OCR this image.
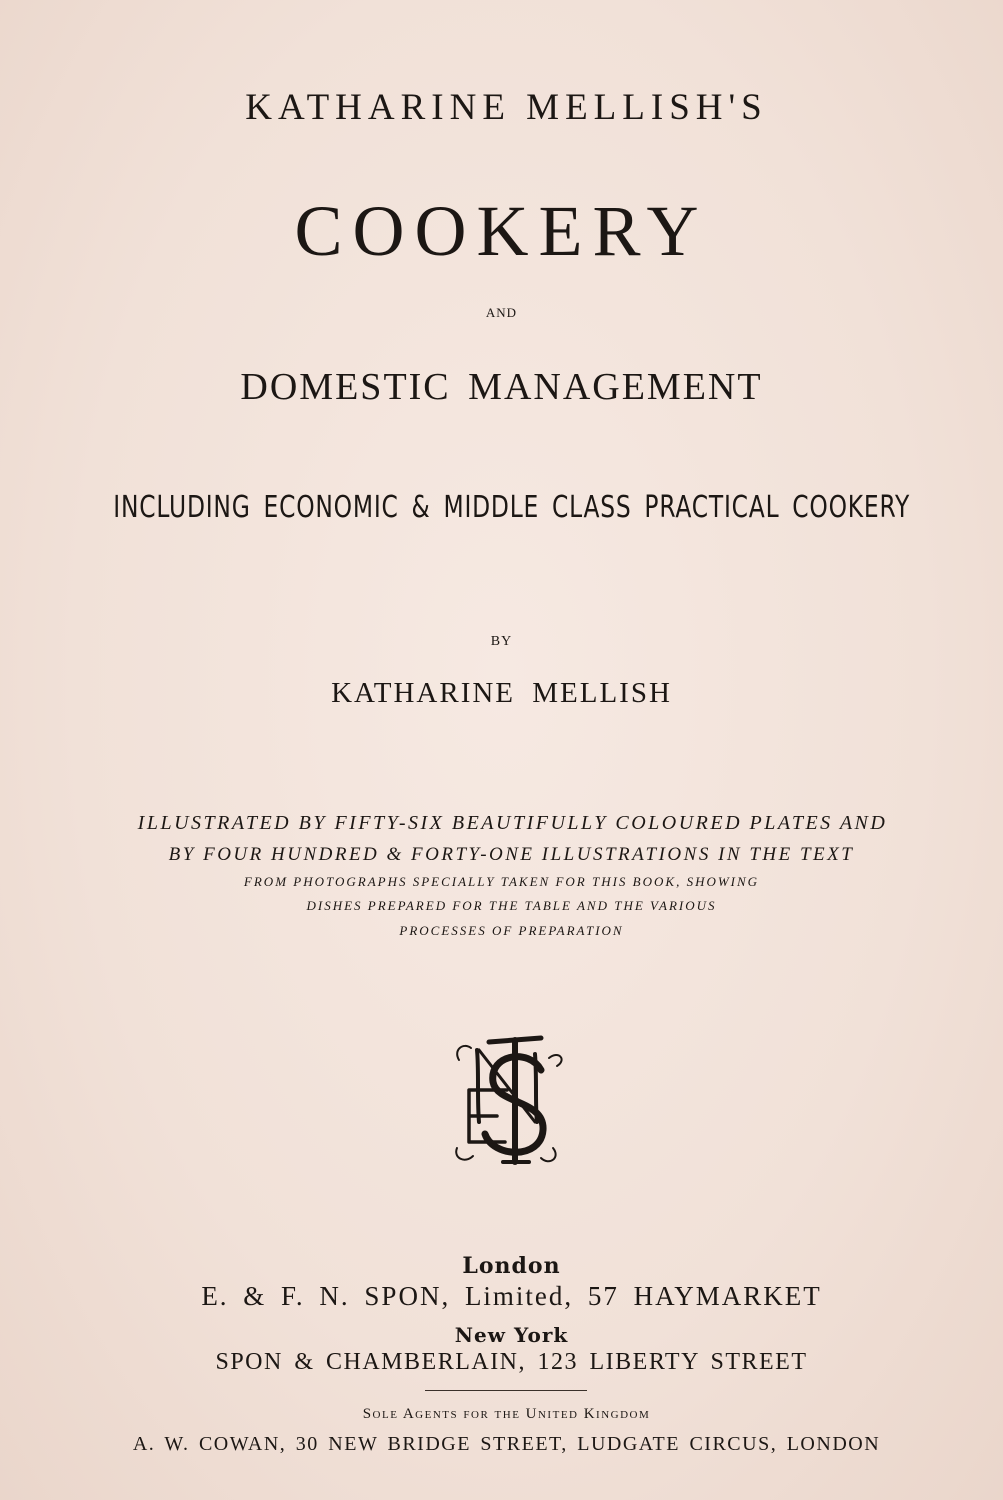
KATHARINE MELLISH'S
COOKERY
AND
DOMESTIC MANAGEMENT
INCLUDING ECONOMIC & MIDDLE CLASS PRACTICAL COOKERY
BY
KATHARINE MELLISH
ILLUSTRATED BY FIFTY-SIX BEAUTIFULLY COLOURED PLATES AND
BY FOUR HUNDRED & FORTY-ONE ILLUSTRATIONS IN THE TEXT
FROM PHOTOGRAPHS SPECIALLY TAKEN FOR THIS BOOK, SHOWING
DISHES PREPARED FOR THE TABLE AND THE VARIOUS
PROCESSES OF PREPARATION
London
E. & F. N. SPON, Limited, 57 HAYMARKET
New York
SPON & CHAMBERLAIN, 123 LIBERTY STREET
Sole Agents for the United Kingdom
A. W. COWAN, 30 NEW BRIDGE STREET, LUDGATE CIRCUS, LONDON
